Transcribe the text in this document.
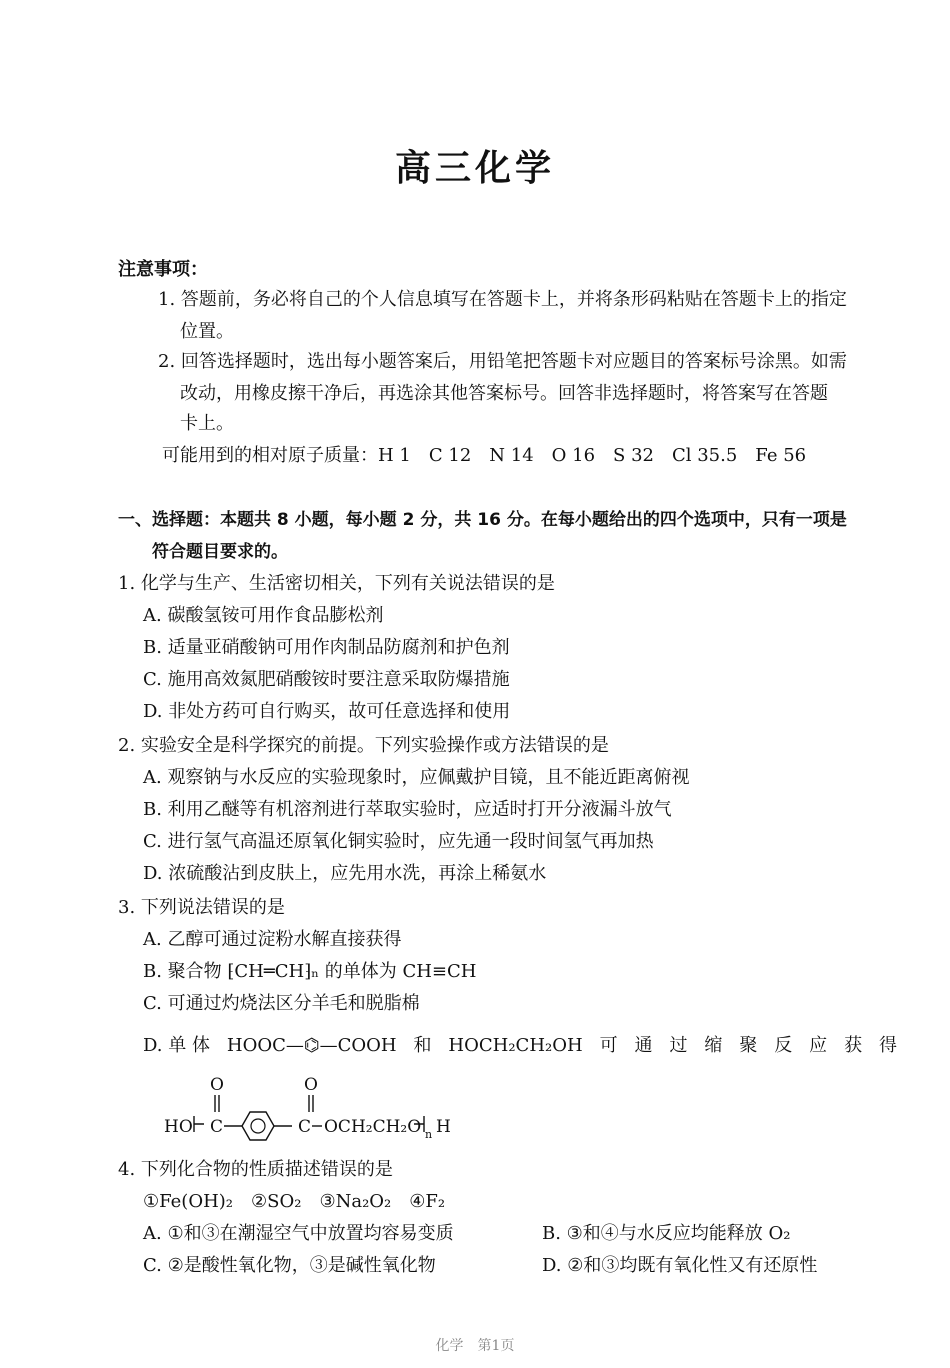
高三化学
注意事项：
1. 答题前，务必将自己的个人信息填写在答题卡上，并将条形码粘贴在答题卡上的指定
位置。
2. 回答选择题时，选出每小题答案后，用铅笔把答题卡对应题目的答案标号涂黑。如需
改动，用橡皮擦干净后，再选涂其他答案标号。回答非选择题时，将答案写在答题
卡上。
可能用到的相对原子质量：H 1　C 12　N 14　O 16　S 32　Cl 35.5　Fe 56
一、选择题：本题共 8 小题，每小题 2 分，共 16 分。在每小题给出的四个选项中，只有一项是
符合题目要求的。
1. 化学与生产、生活密切相关，下列有关说法错误的是
A. 碳酸氢铵可用作食品膨松剂
B. 适量亚硝酸钠可用作肉制品防腐剂和护色剂
C. 施用高效氮肥硝酸铵时要注意采取防爆措施
D. 非处方药可自行购买，故可任意选择和使用
2. 实验安全是科学探究的前提。下列实验操作或方法错误的是
A. 观察钠与水反应的实验现象时，应佩戴护目镜，且不能近距离俯视
B. 利用乙醚等有机溶剂进行萃取实验时，应适时打开分液漏斗放气
C. 进行氢气高温还原氧化铜实验时，应先通一段时间氢气再加热
D. 浓硫酸沾到皮肤上，应先用水洗，再涂上稀氨水
3. 下列说法错误的是
A. 乙醇可通过淀粉水解直接获得
B. 聚合物 ⁅CH═CH⁆ₙ 的单体为 CH≡CH
C. 可通过灼烧法区分羊毛和脱脂棉
D. 单 体 HOOC—⌬—COOH 和 HOCH₂CH₂OH 可 通 过 缩 聚 反 应 获 得
O
HO C
O
C OCH₂CH₂O n H
4. 下列化合物的性质描述错误的是
①Fe(OH)₂　②SO₂　③Na₂O₂　④F₂
A. ①和③在潮湿空气中放置均容易变质	B. ③和④与水反应均能释放 O₂
C. ②是酸性氧化物，③是碱性氧化物	D. ②和③均既有氧化性又有还原性
化学　第1页
